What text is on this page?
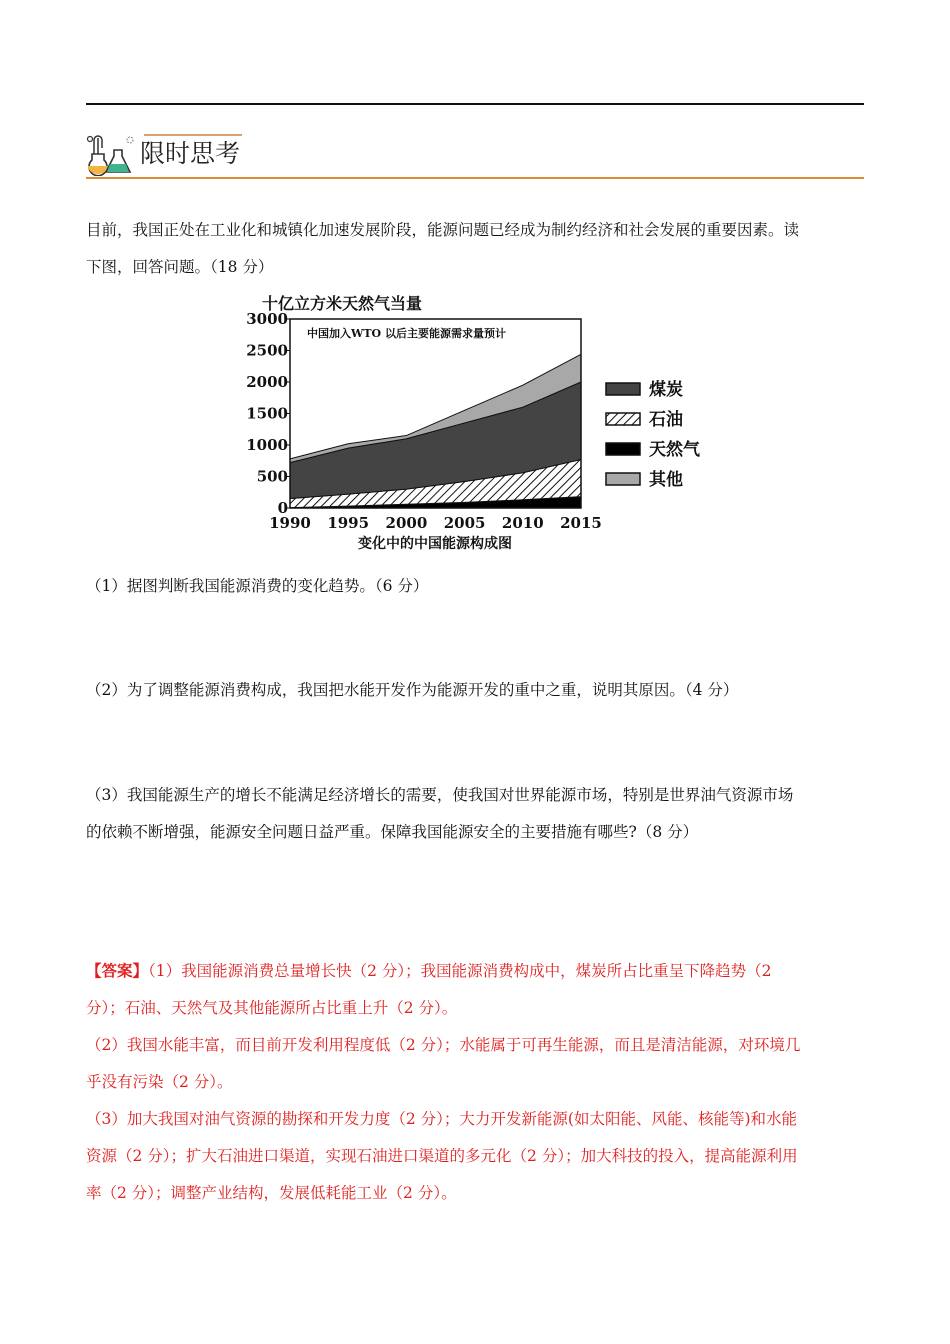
限时思考
目前，我国正处在工业化和城镇化加速发展阶段，能源问题已经成为制约经济和社会发展的重要因素。读
下图，回答问题。（18 分）
十亿立方米天然气当量
中国加入WTO 以后主要能源需求量预计
变化中的中国能源构成图
0
500
1000
1500
2000
2500
3000
1990 1995 2000 2005 2010 2015
煤炭
石油
天然气
其他
（1）据图判断我国能源消费的变化趋势。（6 分）
（2）为了调整能源消费构成，我国把水能开发作为能源开发的重中之重，说明其原因。（4 分）
（3）我国能源生产的增长不能满足经济增长的需要，使我国对世界能源市场，特别是世界油气资源市场
的依赖不断增强，能源安全问题日益严重。保障我国能源安全的主要措施有哪些?（8 分）
【答案】（1）我国能源消费总量增长快（2 分）；我国能源消费构成中，煤炭所占比重呈下降趋势（2
分）；石油、天然气及其他能源所占比重上升（2 分）。
（2）我国水能丰富，而目前开发利用程度低（2 分）；水能属于可再生能源，而且是清洁能源，对环境几
乎没有污染（2 分）。
（3）加大我国对油气资源的勘探和开发力度（2 分）；大力开发新能源(如太阳能、风能、核能等)和水能
资源（2 分）；扩大石油进口渠道，实现石油进口渠道的多元化（2 分）；加大科技的投入，提高能源利用
率（2 分）；调整产业结构，发展低耗能工业（2 分）。
